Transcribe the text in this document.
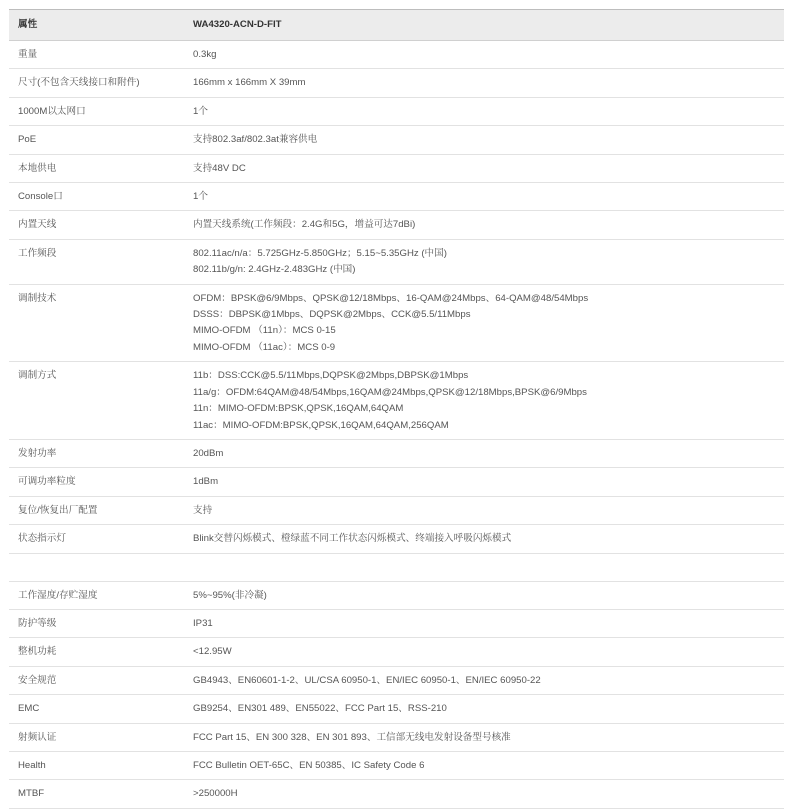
属性	WA4320-ACN-D-FIT
重量	0.3kg

尺寸(不包含天线接口和附件)	166mm x 166mm X 39mm

1000M以太网口	1个

PoE	支持802.3af/802.3at兼容供电

本地供电	支持48V DC

Console口	1个

内置天线	内置天线系统(工作频段：2.4G和5G，增益可达7dBi)

工作频段	802.11ac/n/a：5.725GHz-5.850GHz；5.15~5.35GHz (中国)
802.11b/g/n: 2.4GHz-2.483GHz (中国)

调制技术	OFDM：BPSK@6/9Mbps、QPSK@12/18Mbps、16-QAM@24Mbps、64-QAM@48/54Mbps
DSSS：DBPSK@1Mbps、DQPSK@2Mbps、CCK@5.5/11Mbps
MIMO-OFDM （11n）：MCS 0-15
MIMO-OFDM （11ac）：MCS 0-9

调制方式	11b：DSS:CCK@5.5/11Mbps,DQPSK@2Mbps,DBPSK@1Mbps
11a/g：OFDM:64QAM@48/54Mbps,16QAM@24Mbps,QPSK@12/18Mbps,BPSK@6/9Mbps
11n：MIMO-OFDM:BPSK,QPSK,16QAM,64QAM
11ac：MIMO-OFDM:BPSK,QPSK,16QAM,64QAM,256QAM

发射功率	20dBm

可调功率粒度	1dBm

复位/恢复出厂配置	支持

状态指示灯	Blink交替闪烁模式、橙绿蓝不同工作状态闪烁模式、终端接入呼吸闪烁模式

工作湿度/存贮湿度	5%~95%(非冷凝)

防护等级	IP31

整机功耗	<12.95W

安全规范	GB4943、EN60601-1-2、UL/CSA 60950-1、EN/IEC 60950-1、EN/IEC 60950-22

EMC	GB9254、EN301 489、EN55022、FCC Part 15、RSS-210

射频认证	FCC Part 15、EN 300 328、EN 301 893、工信部无线电发射设备型号核准

Health	FCC Bulletin OET-65C、EN 50385、IC Safety Code 6

MTBF	>250000H
